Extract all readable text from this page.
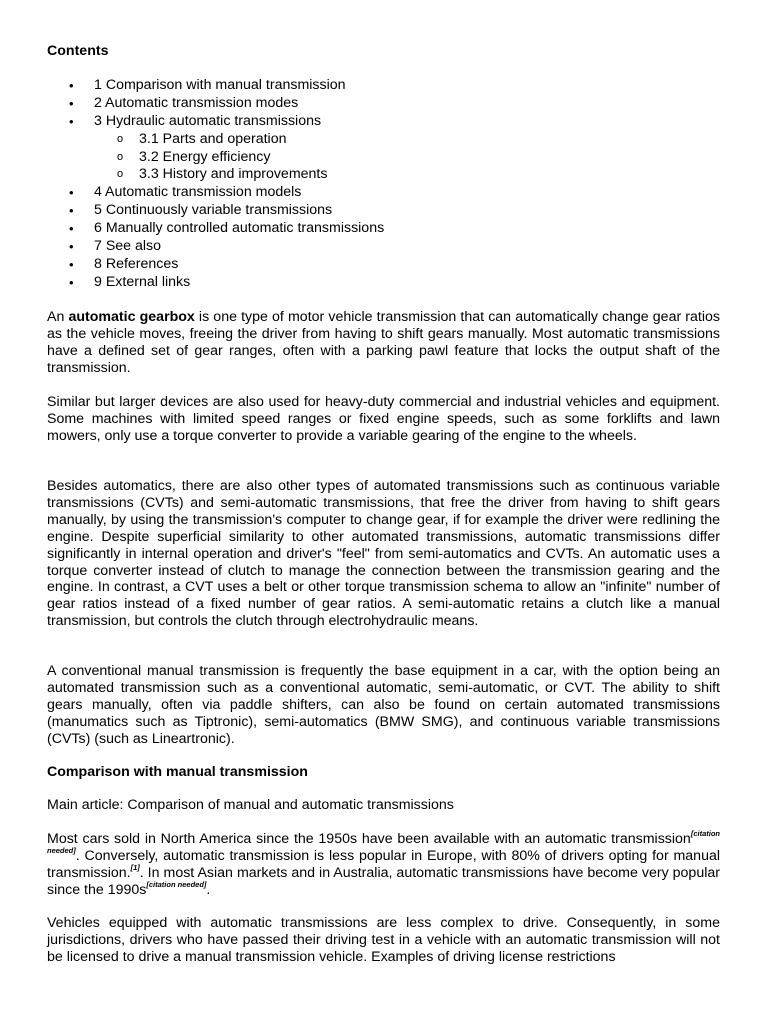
Contents
• 1 Comparison with manual transmission
• 2 Automatic transmission modes
• 3 Hydraulic automatic transmissions
o 3.1 Parts and operation
o 3.2 Energy efficiency
o 3.3 History and improvements
• 4 Automatic transmission models
• 5 Continuously variable transmissions
• 6 Manually controlled automatic transmissions
• 7 See also
• 8 References
• 9 External links

An automatic gearbox is one type of motor vehicle transmission that can automatically change gear ratios as the vehicle moves, freeing the driver from having to shift gears manually. Most automatic transmissions have a defined set of gear ranges, often with a parking pawl feature that locks the output shaft of the transmission.

Similar but larger devices are also used for heavy-duty commercial and industrial vehicles and equipment. Some machines with limited speed ranges or fixed engine speeds, such as some forklifts and lawn mowers, only use a torque converter to provide a variable gearing of the engine to the wheels.

Besides automatics, there are also other types of automated transmissions such as continuous variable transmissions (CVTs) and semi-automatic transmissions, that free the driver from having to shift gears manually, by using the transmission's computer to change gear, if for example the driver were redlining the engine. Despite superficial similarity to other automated transmissions, automatic transmissions differ significantly in internal operation and driver's "feel" from semi-automatics and CVTs. An automatic uses a torque converter instead of clutch to manage the connection between the transmission gearing and the engine. In contrast, a CVT uses a belt or other torque transmission schema to allow an "infinite" number of gear ratios instead of a fixed number of gear ratios. A semi-automatic retains a clutch like a manual transmission, but controls the clutch through electrohydraulic means.

A conventional manual transmission is frequently the base equipment in a car, with the option being an automated transmission such as a conventional automatic, semi-automatic, or CVT. The ability to shift gears manually, often via paddle shifters, can also be found on certain automated transmissions (manumatics such as Tiptronic), semi-automatics (BMW SMG), and continuous variable transmissions (CVTs) (such as Lineartronic).

Comparison with manual transmission

Main article: Comparison of manual and automatic transmissions

Most cars sold in North America since the 1950s have been available with an automatic transmission[citation needed]. Conversely, automatic transmission is less popular in Europe, with 80% of drivers opting for manual transmission.[1]. In most Asian markets and in Australia, automatic transmissions have become very popular since the 1990s[citation needed].

Vehicles equipped with automatic transmissions are less complex to drive. Consequently, in some jurisdictions, drivers who have passed their driving test in a vehicle with an automatic transmission will not be licensed to drive a manual transmission vehicle. Examples of driving license restrictions
